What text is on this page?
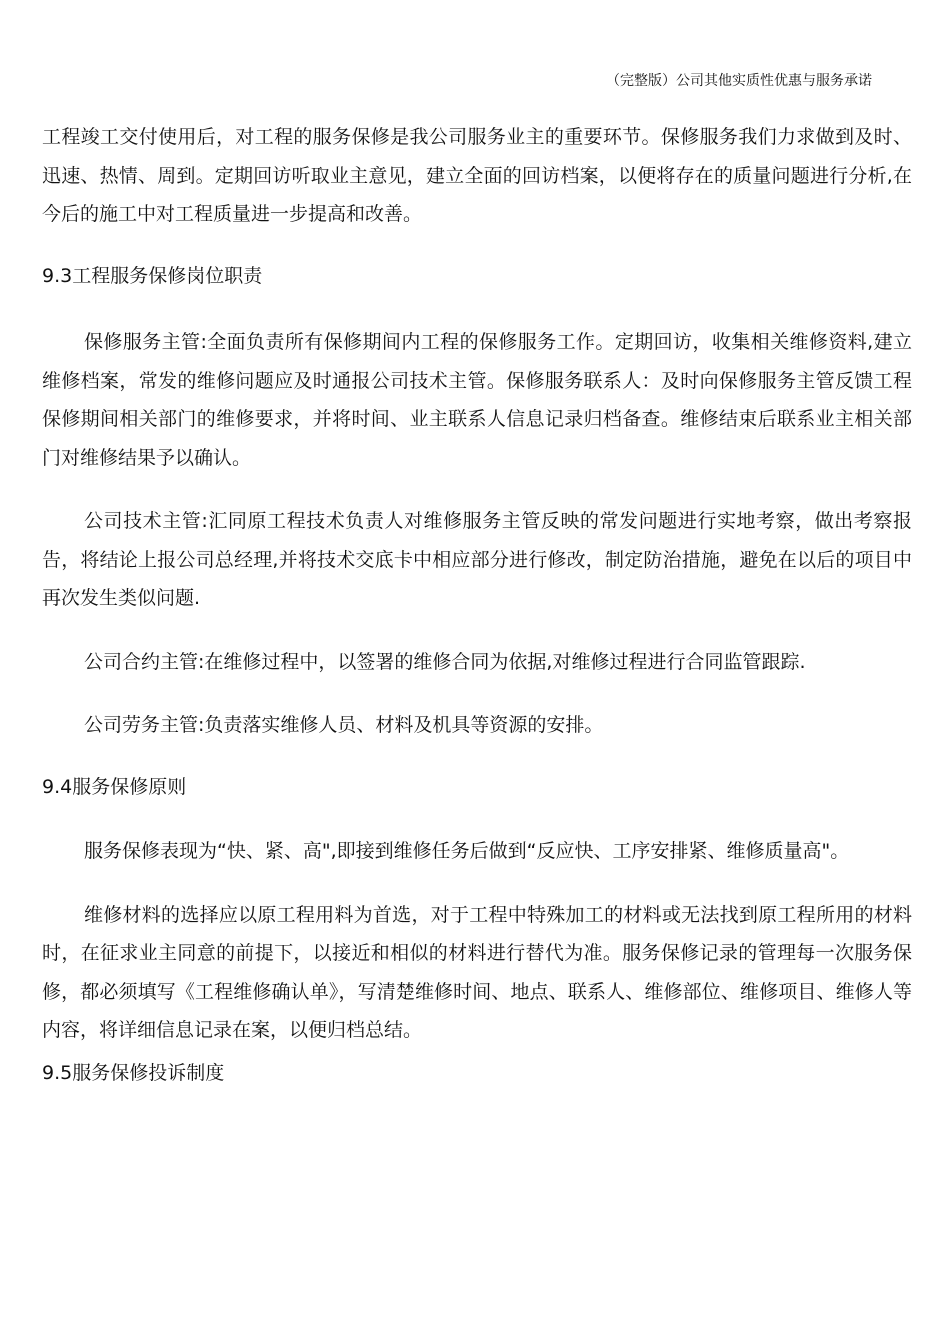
（完整版）公司其他实质性优惠与服务承诺

工程竣工交付使用后，对工程的服务保修是我公司服务业主的重要环节。保修服务我们力求做到及时、迅速、热情、周到。定期回访听取业主意见，建立全面的回访档案，以便将存在的质量问题进行分析,在今后的施工中对工程质量进一步提高和改善。

9.3工程服务保修岗位职责

保修服务主管:全面负责所有保修期间内工程的保修服务工作。定期回访，收集相关维修资料,建立维修档案，常发的维修问题应及时通报公司技术主管。保修服务联系人：及时向保修服务主管反馈工程保修期间相关部门的维修要求，并将时间、业主联系人信息记录归档备查。维修结束后联系业主相关部门对维修结果予以确认。

公司技术主管:汇同原工程技术负责人对维修服务主管反映的常发问题进行实地考察，做出考察报告，将结论上报公司总经理,并将技术交底卡中相应部分进行修改，制定防治措施，避免在以后的项目中再次发生类似问题.

公司合约主管:在维修过程中，以签署的维修合同为依据,对维修过程进行合同监管跟踪.

公司劳务主管:负责落实维修人员、材料及机具等资源的安排。

9.4服务保修原则

服务保修表现为“快、紧、高",即接到维修任务后做到“反应快、工序安排紧、维修质量高"。

维修材料的选择应以原工程用料为首选，对于工程中特殊加工的材料或无法找到原工程所用的材料时，在征求业主同意的前提下，以接近和相似的材料进行替代为准。服务保修记录的管理每一次服务保修，都必须填写《工程维修确认单》，写清楚维修时间、地点、联系人、维修部位、维修项目、维修人等内容，将详细信息记录在案，以便归档总结。

9.5服务保修投诉制度
